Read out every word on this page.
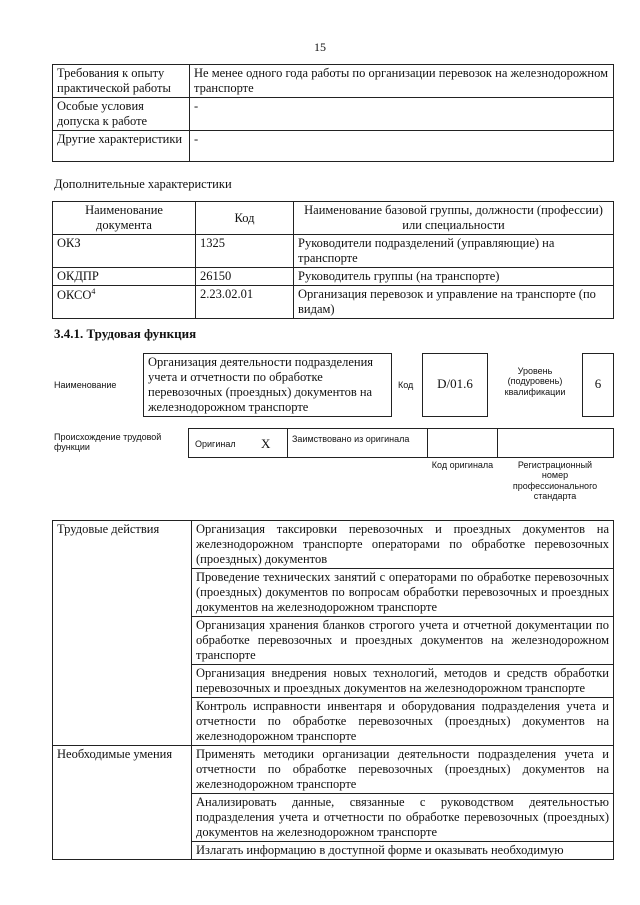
15
Требования к опыту практической работы	Не менее одного года работы по организации перевозок на железнодорожном транспорте
Особые условия допуска к работе	-
Другие характеристики	-
Дополнительные характеристики
Наименование документа	Код	Наименование базовой группы, должности (профессии) или специальности
ОКЗ	1325	Руководители подразделений (управляющие) на транспорте
ОКДПР	26150	Руководитель группы (на транспорте)
ОКСО$^4$	2.23.02.01	Организация перевозок и управление на транспорте (по видам)
3.4.1. Трудовая функция
Наименование
Организация деятельности подразделения учета и отчетности по обработке перевозочных (проездных) документов на железнодорожном транспорте
Код	D/01.6
Уровень (подуровень) квалификации
6
Происхождение трудовой функции	Оригинал X	Заимствовано из оригинала
Код оригинала	Регистрационный номер профессионального стандарта
Трудовые действия	Организация таксировки перевозочных и проездных документов на железнодорожном транспорте операторами по обработке перевозочных (проездных) документов
	Проведение технических занятий с операторами по обработке перевозочных (проездных) документов по вопросам обработки перевозочных и проездных документов на железнодорожном транспорте
	Организация хранения бланков строгого учета и отчетной документации по обработке перевозочных и проездных документов на железнодорожном транспорте
	Организация внедрения новых технологий, методов и средств обработки перевозочных и проездных документов на железнодорожном транспорте
	Контроль исправности инвентаря и оборудования подразделения учета и отчетности по обработке перевозочных (проездных) документов на железнодорожном транспорте
Необходимые умения	Применять методики организации деятельности подразделения учета и отчетности по обработке перевозочных (проездных) документов на железнодорожном транспорте
	Анализировать данные, связанные с руководством деятельностью подразделения учета и отчетности по обработке перевозочных (проездных) документов на железнодорожном транспорте
	Излагать информацию в доступной форме и оказывать необходимую
